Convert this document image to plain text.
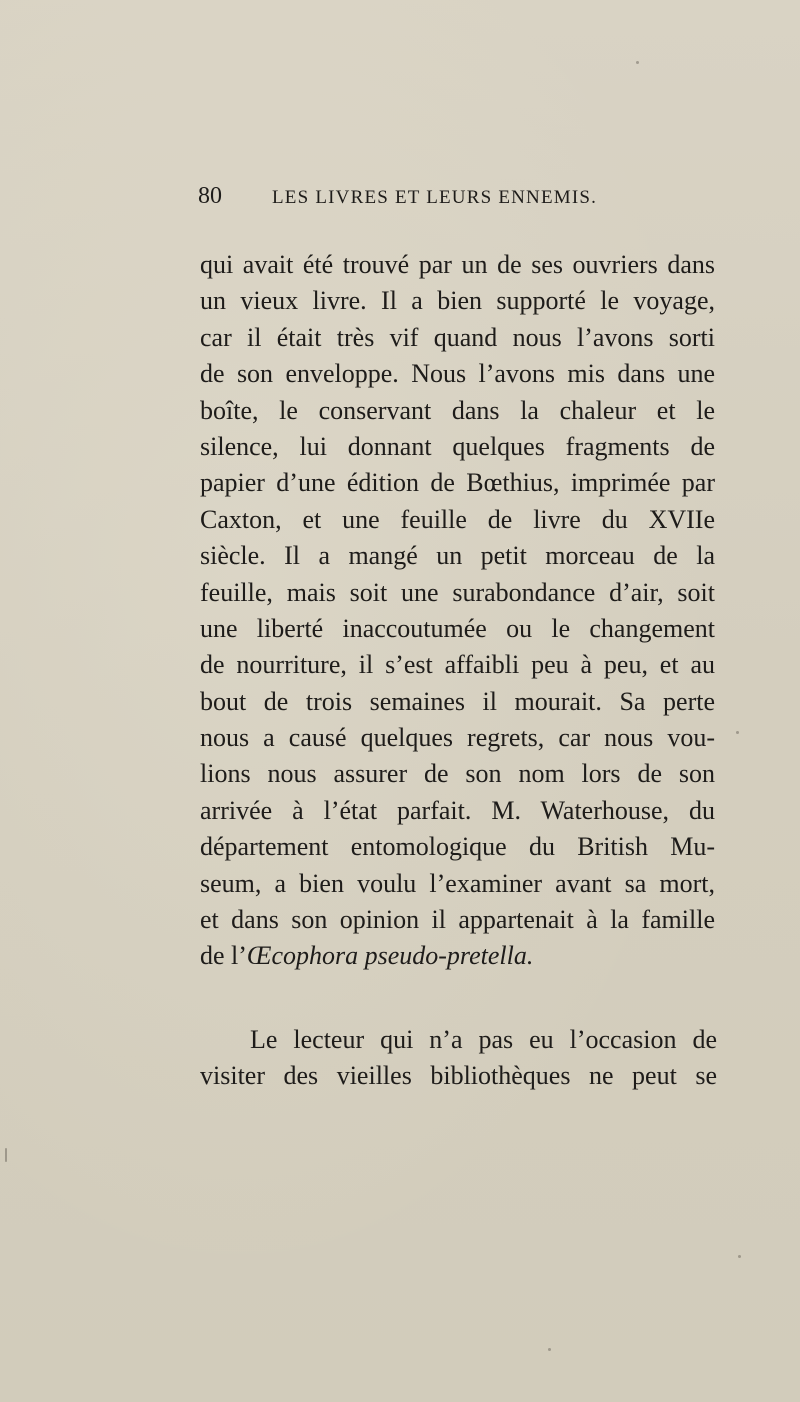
80	LES LIVRES ET LEURS ENNEMIS.
qui avait été trouvé par un de ses ouvriers dans
un vieux livre. Il a bien supporté le voyage,
car il était très vif quand nous l’avons sorti
de son enveloppe. Nous l’avons mis dans une
boîte, le conservant dans la chaleur et le
silence, lui donnant quelques fragments de
papier d’une édition de Bœthius, imprimée par
Caxton, et une feuille de livre du XVIIe
siècle. Il a mangé un petit morceau de la
feuille, mais soit une surabondance d’air, soit
une liberté inaccoutumée ou le changement
de nourriture, il s’est affaibli peu à peu, et au
bout de trois semaines il mourait. Sa perte
nous a causé quelques regrets, car nous vou-
lions nous assurer de son nom lors de son
arrivée à l’état parfait. M. Waterhouse, du
département entomologique du British Mu-
seum, a bien voulu l’examiner avant sa mort,
et dans son opinion il appartenait à la famille
de l’Œcophora pseudo-pretella.
Le lecteur qui n’a pas eu l’occasion de
visiter des vieilles bibliothèques ne peut se
